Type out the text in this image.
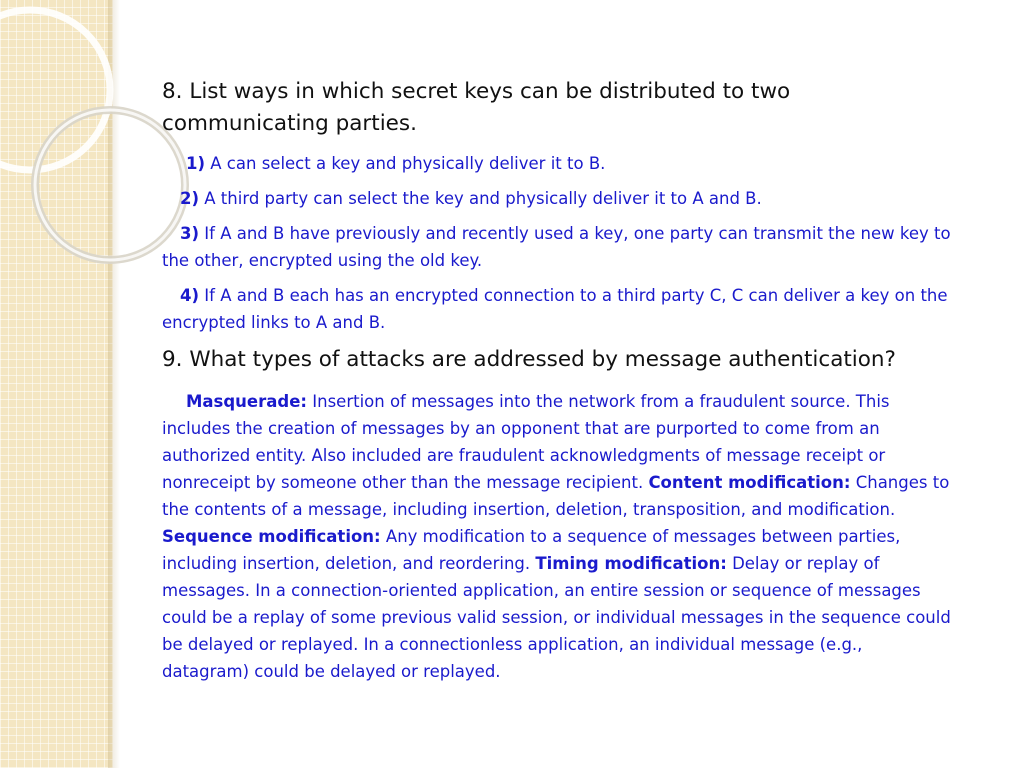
8. List ways in which secret keys can be distributed to two communicating parties.

1) A can select a key and physically deliver it to B.

2) A third party can select the key and physically deliver it to A and B.

3) If A and B have previously and recently used a key, one party can transmit the new key to the other, encrypted using the old key.

4) If A and B each has an encrypted connection to a third party C, C can deliver a key on the encrypted links to A and B.

9. What types of attacks are addressed by message authentication?

Masquerade: Insertion of messages into the network from a fraudulent source. This includes the creation of messages by an opponent that are purported to come from an authorized entity. Also included are fraudulent acknowledgments of message receipt or nonreceipt by someone other than the message recipient. Content modification: Changes to the contents of a message, including insertion, deletion, transposition, and modification. Sequence modification: Any modification to a sequence of messages between parties, including insertion, deletion, and reordering. Timing modification: Delay or replay of messages. In a connection-oriented application, an entire session or sequence of messages could be a replay of some previous valid session, or individual messages in the sequence could be delayed or replayed. In a connectionless application, an individual message (e.g., datagram) could be delayed or replayed.
